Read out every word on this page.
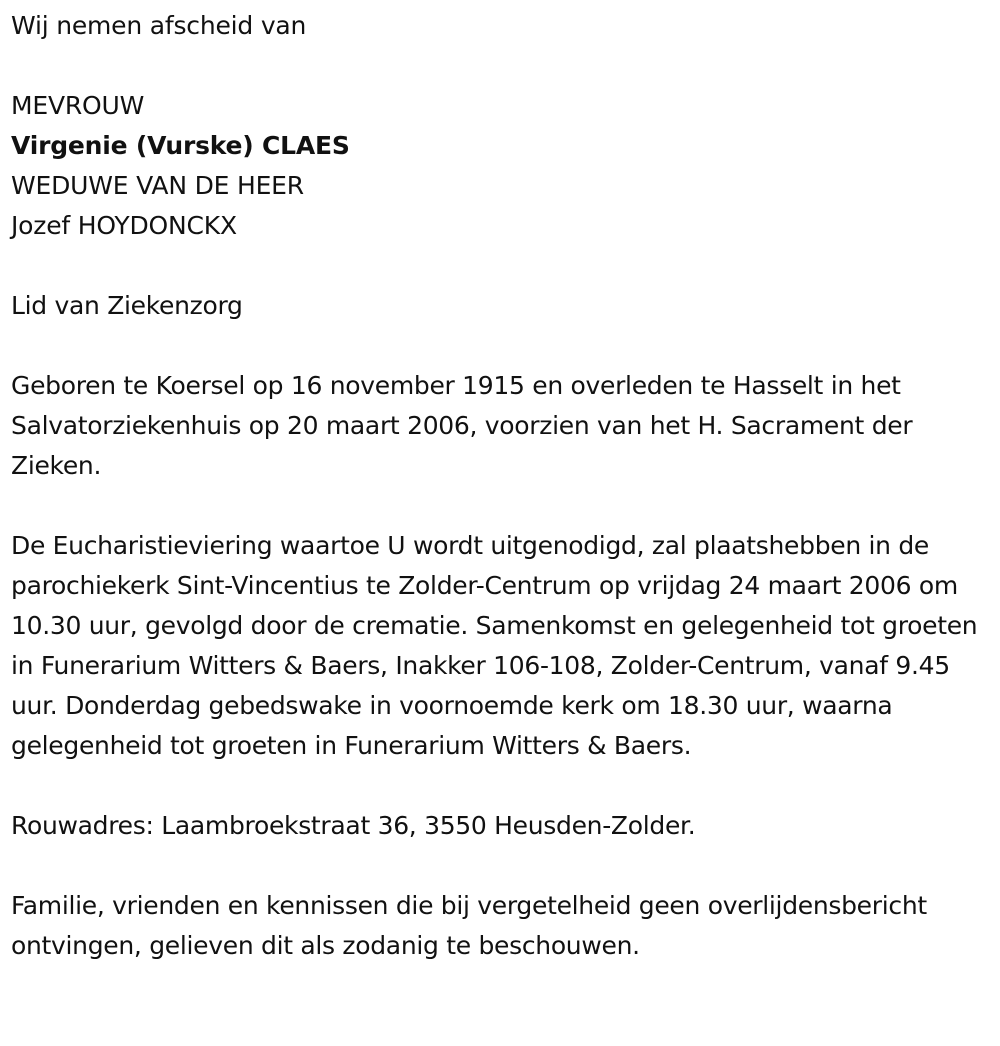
Wij nemen afscheid van
MEVROUW
Virgenie (Vurske) CLAES
WEDUWE VAN DE HEER
Jozef HOYDONCKX
Lid van Ziekenzorg
Geboren te Koersel op 16 november 1915 en overleden te Hasselt in het Salvatorziekenhuis op 20 maart 2006, voorzien van het H. Sacrament der Zieken.
De Eucharistieviering waartoe U wordt uitgenodigd, zal plaatshebben in de parochiekerk Sint-Vincentius te Zolder-Centrum op vrijdag 24 maart 2006 om 10.30 uur, gevolgd door de crematie. Samenkomst en gelegenheid tot groeten in Funerarium Witters & Baers, Inakker 106-108, Zolder-Centrum, vanaf 9.45 uur. Donderdag gebedswake in voornoemde kerk om 18.30 uur, waarna gelegenheid tot groeten in Funerarium Witters & Baers.
Rouwadres: Laambroekstraat 36, 3550 Heusden-Zolder.
Familie, vrienden en kennissen die bij vergetelheid geen overlijdensbericht ontvingen, gelieven dit als zodanig te beschouwen.
